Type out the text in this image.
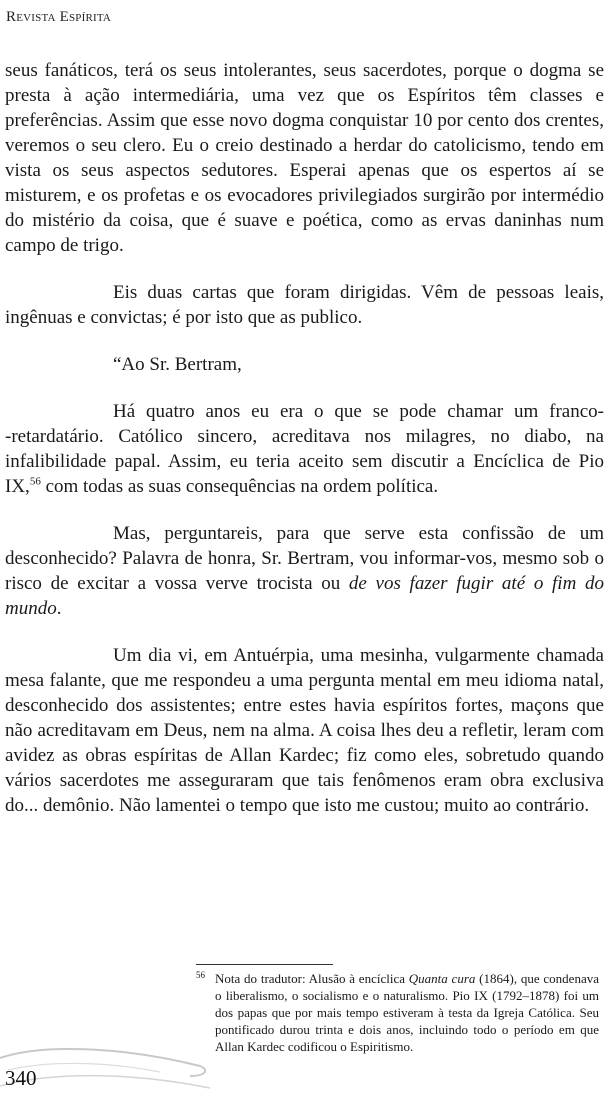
Revista Espírita

seus fanáticos, terá os seus intolerantes, seus sacerdotes, porque o dogma se presta à ação intermediária, uma vez que os Espíritos têm classes e preferências. Assim que esse novo dogma conquistar 10 por cento dos crentes, veremos o seu clero. Eu o creio destinado a herdar do catolicismo, tendo em vista os seus aspectos sedutores. Esperai apenas que os espertos aí se misturem, e os profetas e os evocadores privilegiados surgirão por intermédio do mistério da coisa, que é suave e poética, como as ervas daninhas num campo de trigo.

Eis duas cartas que foram dirigidas. Vêm de pessoas leais, ingênuas e convictas; é por isto que as publico.

“Ao Sr. Bertram,

Há quatro anos eu era o que se pode chamar um franco-‑retardatário. Católico sincero, acreditava nos milagres, no diabo, na infalibilidade papal. Assim, eu teria aceito sem discutir a Encíclica de Pio IX,$^{56}$ com todas as suas consequências na ordem política.

Mas, perguntareis, para que serve esta confissão de um desconhecido? Palavra de honra, Sr. Bertram, vou informar-vos, mesmo sob o risco de excitar a vossa verve trocista ou de vos fazer fugir até o fim do mundo.

Um dia vi, em Antuérpia, uma mesinha, vulgarmente chamada mesa falante, que me respondeu a uma pergunta mental em meu idioma natal, desconhecido dos assistentes; entre estes havia espíritos fortes, maçons que não acreditavam em Deus, nem na alma. A coisa lhes deu a refletir, leram com avidez as obras espíritas de Allan Kardec; fiz como eles, sobretudo quando vários sacerdotes me asseguraram que tais fenômenos eram obra exclusiva do... demônio. Não lamentei o tempo que isto me custou; muito ao contrário.

56 Nota do tradutor: Alusão à encíclica Quanta cura (1864), que condenava o liberalismo, o socialismo e o naturalismo. Pio IX (1792–1878) foi um dos papas que por mais tempo estiveram à testa da Igreja Católica. Seu pontificado durou trinta e dois anos, incluindo todo o período em que Allan Kardec codificou o Espiritismo.
340
